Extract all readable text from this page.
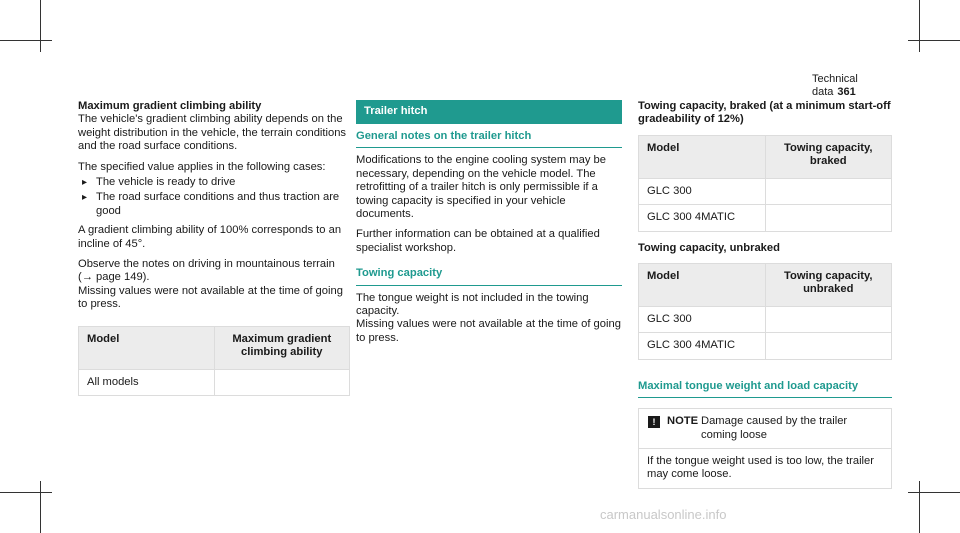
Technical data 361

Maximum gradient climbing ability

The vehicle's gradient climbing ability depends on the weight distribution in the vehicle, the terrain conditions and the road surface conditions.

The specified value applies in the following cases:

▸ The vehicle is ready to drive
▸ The road surface conditions and thus traction are good

A gradient climbing ability of 100% corresponds to an incline of 45°.

Observe the notes on driving in mountainous terrain (→ page 149).

Missing values were not available at the time of going to press.

Model	Maximum gradient climbing ability
All models	
Trailer hitch
General notes on the trailer hitch

Modifications to the engine cooling system may be necessary, depending on the vehicle model. The retrofitting of a trailer hitch is only permissible if a towing capacity is specified in your vehicle documents.

Further information can be obtained at a qualified specialist workshop.

Towing capacity

The tongue weight is not included in the towing capacity.

Missing values were not available at the time of going to press.

Towing capacity, braked (at a minimum start-off gradeability of 12%)

Model	Towing capacity, braked
GLC 300	
GLC 300 4MATIC	

Towing capacity, unbraked

Model	Towing capacity, unbraked
GLC 300	
GLC 300 4MATIC	
Maximal tongue weight and load capacity
!	NOTE Damage caused by the trailer coming loose
If the tongue weight used is too low, the trailer may come loose.
carmanualsonline.info
